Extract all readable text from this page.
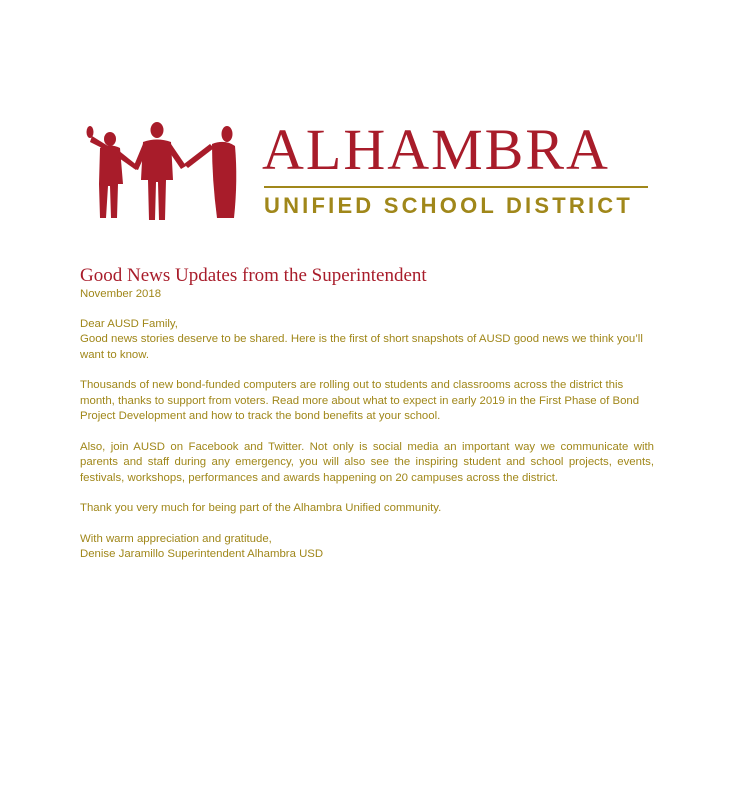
ALHAMBRA

UNIFIED SCHOOL DISTRICT

Good News Updates from the Superintendent

November 2018

Dear AUSD Family,

Good news stories deserve to be shared. Here is the first of short snapshots of AUSD good news we think you’ll want to know.

Thousands of new bond-funded computers are rolling out to students and classrooms across the district this month, thanks to support from voters. Read more about what to expect in early 2019 in the First Phase of Bond Project Development and how to track the bond benefits at your school.

Also, join AUSD on Facebook and Twitter. Not only is social media an important way we communicate with parents and staff during any emergency, you will also see the inspiring student and school projects, events, festivals, workshops, performances and awards happening on 20 campuses across the district.

Thank you very much for being part of the Alhambra Unified community.

With warm appreciation and gratitude,

Denise Jaramillo Superintendent Alhambra USD
